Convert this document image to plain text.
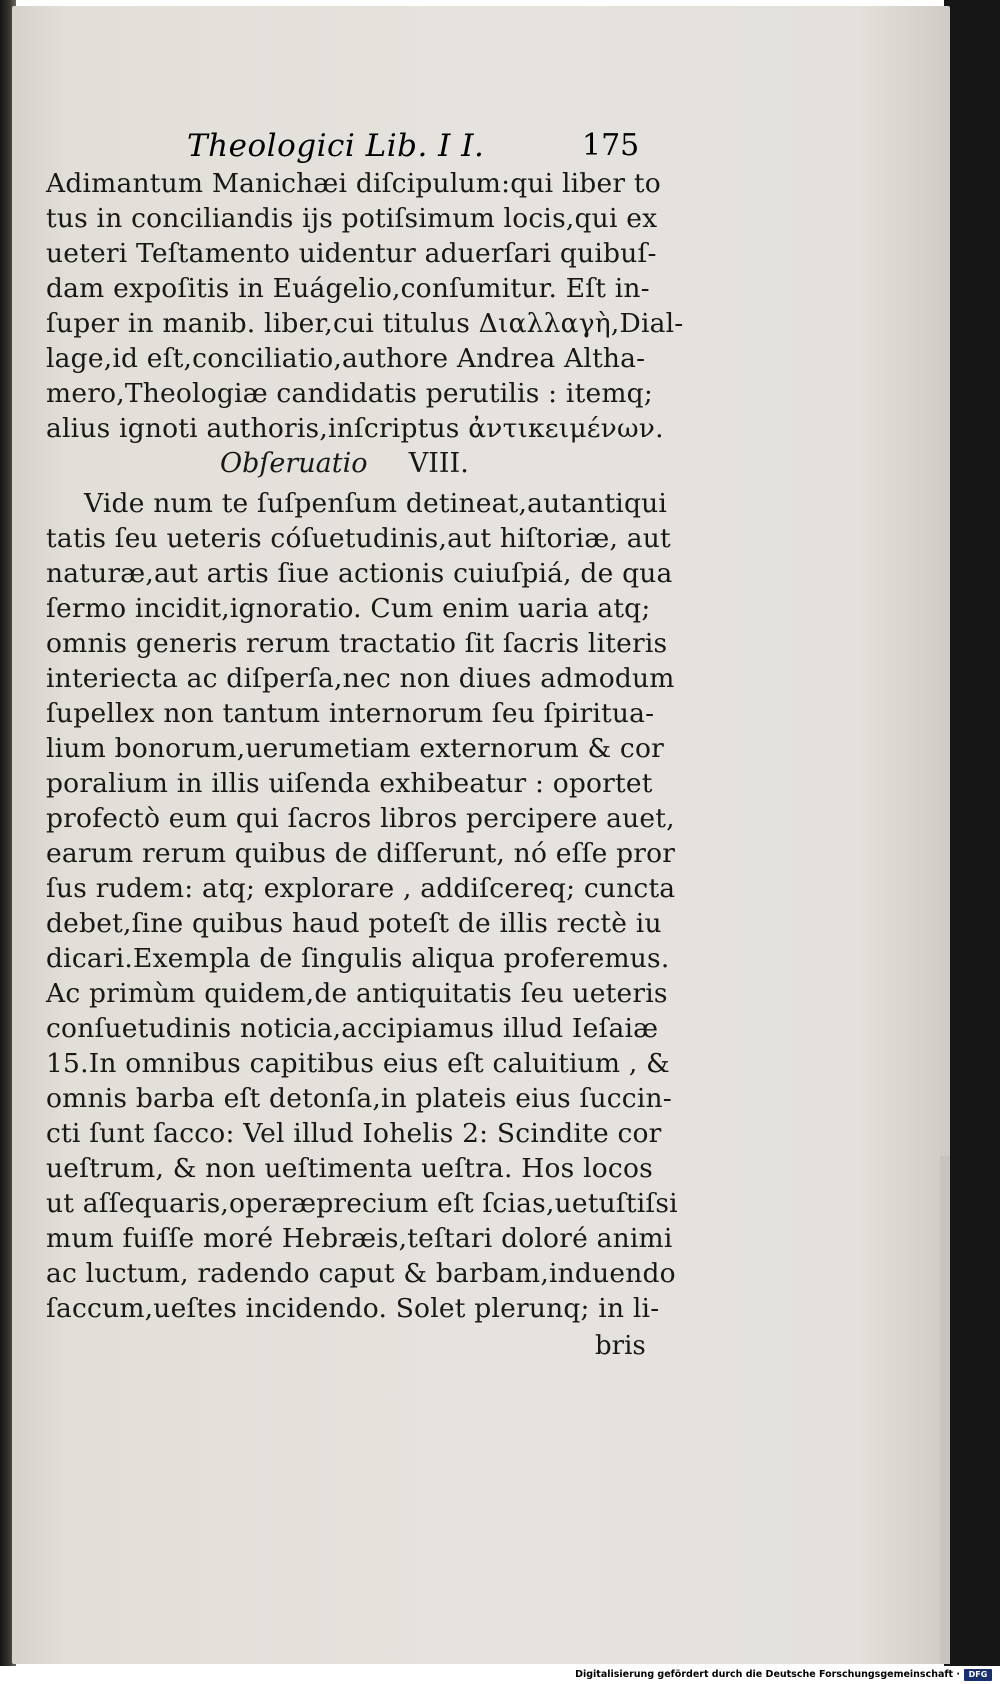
Theologici Lib. I I.	175
Adimantum Manichæi diſcipulum:qui liber to
tus in conciliandis ijs potiſsimum locis,qui ex
ueteri Teſtamento uidentur aduerſari quibuſ-
dam expoſitis in Euágelio,conſumitur. Eſt in-
ſuper in manib. liber,cui titulus Διαλλαγὴ,Dial-
lage,id eſt,conciliatio,authore Andrea Altha-
mero,Theologiæ candidatis perutilis : itemq;
alius ignoti authoris,inſcriptus ἀντικειμένων.
Obſeruatio VIII.
Vide num te ſuſpenſum detineat,autantiqui
tatis ſeu ueteris cóſuetudinis,aut hiſtoriæ, aut
naturæ,aut artis ſiue actionis cuiuſpiá, de qua
ſermo incidit,ignoratio. Cum enim uaria atq;
omnis generis rerum tractatio ſit ſacris literis
interiecta ac diſperſa,nec non diues admodum
ſupellex non tantum internorum ſeu ſpiritua-
lium bonorum,uerumetiam externorum & cor
poralium in illis uiſenda exhibeatur : oportet
profectò eum qui ſacros libros percipere auet,
earum rerum quibus de diſſerunt, nó eſſe pror
ſus rudem: atq; explorare , addiſcereq; cuncta
debet,ſine quibus haud poteſt de illis rectè iu
dicari.Exempla de ſingulis aliqua proferemus.
Ac primùm quidem,de antiquitatis ſeu ueteris
conſuetudinis noticia,accipiamus illud Ieſaiæ
15.In omnibus capitibus eius eſt caluitium , &
omnis barba eſt detonſa,in plateis eius ſuccin-
cti ſunt ſacco: Vel illud Iohelis 2: Scindite cor
ueſtrum, & non ueſtimenta ueſtra. Hos locos
ut aſſequaris,operæprecium eſt ſcias,uetuſtiſsi
mum fuiſſe moré Hebræis,teſtari doloré animi
ac luctum, radendo caput & barbam,induendo
ſaccum,ueſtes incidendo. Solet plerunq; in li-
bris
Digitalisierung gefördert durch die Deutsche Forschungsgemeinschaft ·	DFG
